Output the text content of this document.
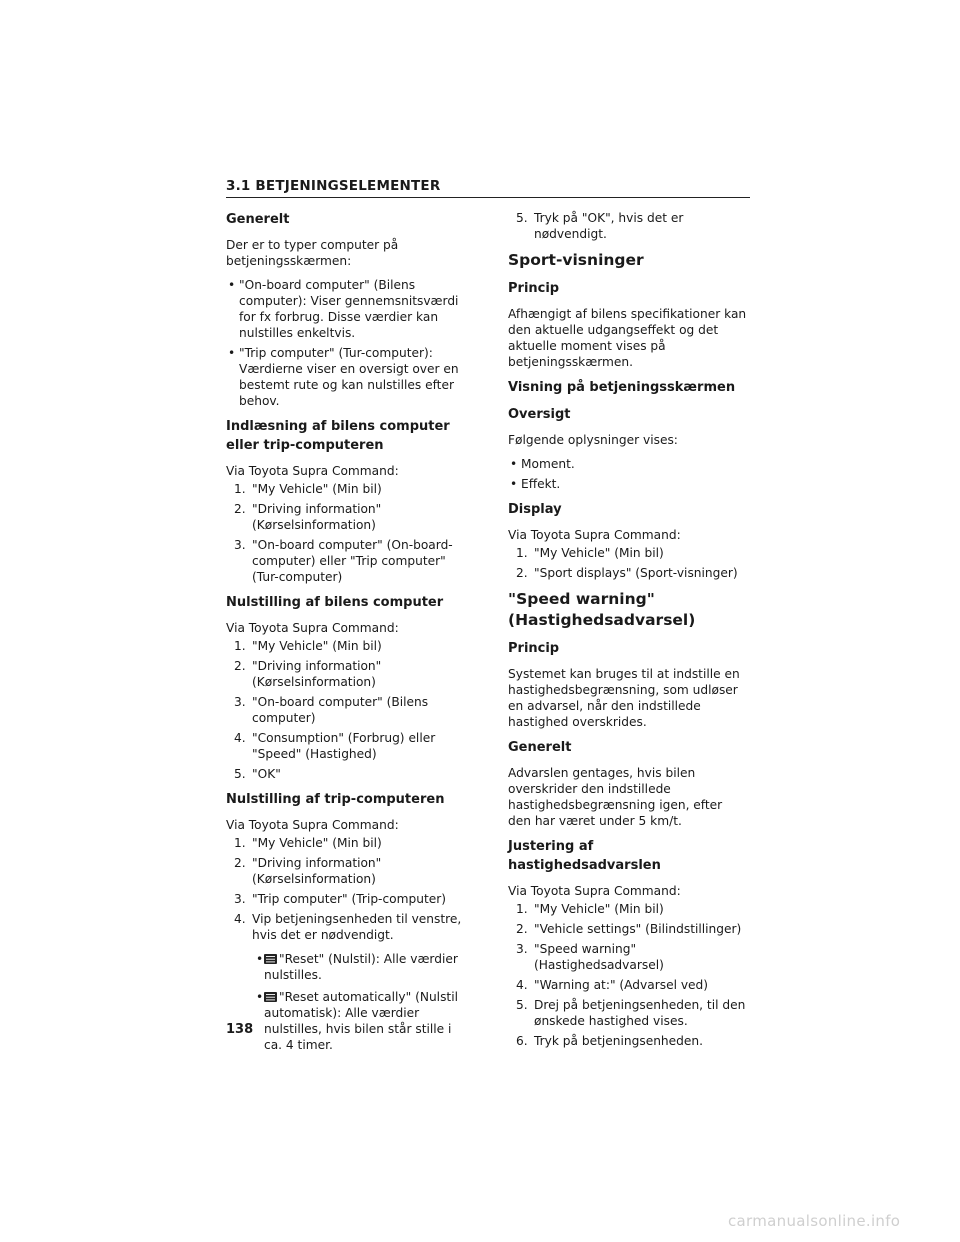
3.1 BETJENINGSELEMENTER
Generelt

Der er to typer computer på betjeningsskærmen:

• "On-board computer" (Bilens computer): Viser gennemsnitsværdi for fx forbrug. Disse værdier kan nulstilles enkeltvis.
• "Trip computer" (Tur-computer): Værdierne viser en oversigt over en bestemt rute og kan nulstilles efter behov.
Indlæsning af bilens computer eller trip-computeren

Via Toyota Supra Command:

1. "My Vehicle" (Min bil)
2. "Driving information" (Kørselsinformation)
3. "On-board computer" (On-board-computer) eller "Trip computer" (Tur-computer)
Nulstilling af bilens computer

Via Toyota Supra Command:

1. "My Vehicle" (Min bil)
2. "Driving information" (Kørselsinformation)
3. "On-board computer" (Bilens computer)
4. "Consumption" (Forbrug) eller "Speed" (Hastighed)
5. "OK"
Nulstilling af trip-computeren

Via Toyota Supra Command:

1. "My Vehicle" (Min bil)
2. "Driving information" (Kørselsinformation)
3. "Trip computer" (Trip-computer)
4. Vip betjeningsenheden til venstre, hvis det er nødvendigt.
• "Reset" (Nulstil): Alle værdier nulstilles.
• "Reset automatically" (Nulstil automatisk): Alle værdier nulstilles, hvis bilen står stille i ca. 4 timer.
5. Tryk på "OK", hvis det er nødvendigt.
Sport-visninger
Princip

Afhængigt af bilens specifikationer kan den aktuelle udgangseffekt og det aktuelle moment vises på betjeningsskærmen.

Visning på betjeningsskærmen
Oversigt

Følgende oplysninger vises:

• Moment.
• Effekt.
Display

Via Toyota Supra Command:

1. "My Vehicle" (Min bil)
2. "Sport displays" (Sport-visninger)
"Speed warning"
(Hastighedsadvarsel)
Princip

Systemet kan bruges til at indstille en hastighedsbegrænsning, som udløser en advarsel, når den indstillede hastighed overskrides.

Generelt

Advarslen gentages, hvis bilen overskrider den indstillede hastighedsbegrænsning igen, efter den har været under 5 km/t.

Justering af hastighedsadvarslen

Via Toyota Supra Command:

1. "My Vehicle" (Min bil)
2. "Vehicle settings" (Bilindstillinger)
3. "Speed warning" (Hastighedsadvarsel)
4. "Warning at:" (Advarsel ved)
5. Drej på betjeningsenheden, til den ønskede hastighed vises.
6. Tryk på betjeningsenheden.
138
carmanualsonline.info
